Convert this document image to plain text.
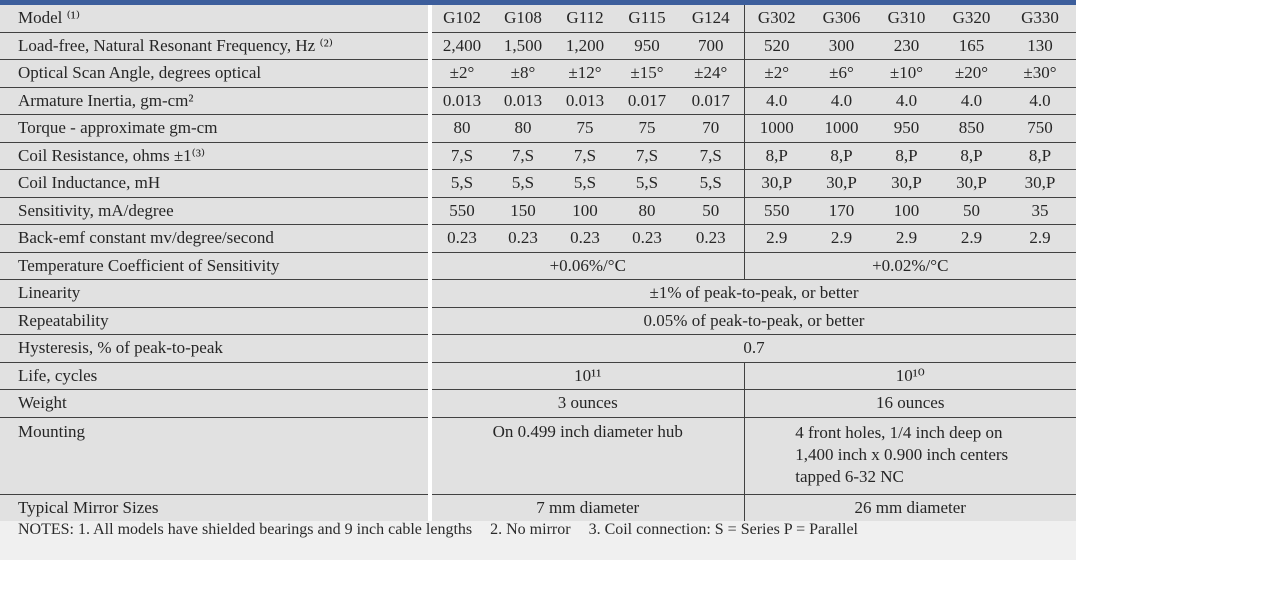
Model ⁽¹⁾	G102	G108	G112	G115	G124	G302	G306	G310	G320	G330
Load-free, Natural Resonant Frequency, Hz ⁽²⁾	2,400	1,500	1,200	950	700	520	300	230	165	130
Optical Scan Angle, degrees optical	±2°	±8°	±12°	±15°	±24°	±2°	±6°	±10°	±20°	±30°
Armature Inertia, gm-cm²	0.013	0.013	0.013	0.017	0.017	4.0	4.0	4.0	4.0	4.0
Torque - approximate gm-cm	80	80	75	75	70	1000	1000	950	850	750
Coil Resistance, ohms ±1⁽³⁾	7,S	7,S	7,S	7,S	7,S	8,P	8,P	8,P	8,P	8,P
Coil Inductance, mH	5,S	5,S	5,S	5,S	5,S	30,P	30,P	30,P	30,P	30,P
Sensitivity, mA/degree	550	150	100	80	50	550	170	100	50	35
Back-emf constant mv/degree/second	0.23	0.23	0.23	0.23	0.23	2.9	2.9	2.9	2.9	2.9
Temperature Coefficient of Sensitivity	+0.06%/°C					+0.02%/°C				
Linearity	±1% of peak-to-peak, or better									
Repeatability	0.05% of peak-to-peak, or better									
Hysteresis, % of peak-to-peak	0.7									
Life, cycles	10¹¹					10¹⁰				
Weight	3 ounces					16 ounces				
Mounting	On 0.499 inch diameter hub					4 front holes, 1/4 inch deep on 1,400 inch x 0.900 inch centers tapped 6-32 NC				
Typical Mirror Sizes	7 mm diameter					26 mm diameter				
NOTES: 1. All models have shielded bearings and 9 inch cable lengths 2. No mirror 3. Coil connection: S = Series P = Parallel
